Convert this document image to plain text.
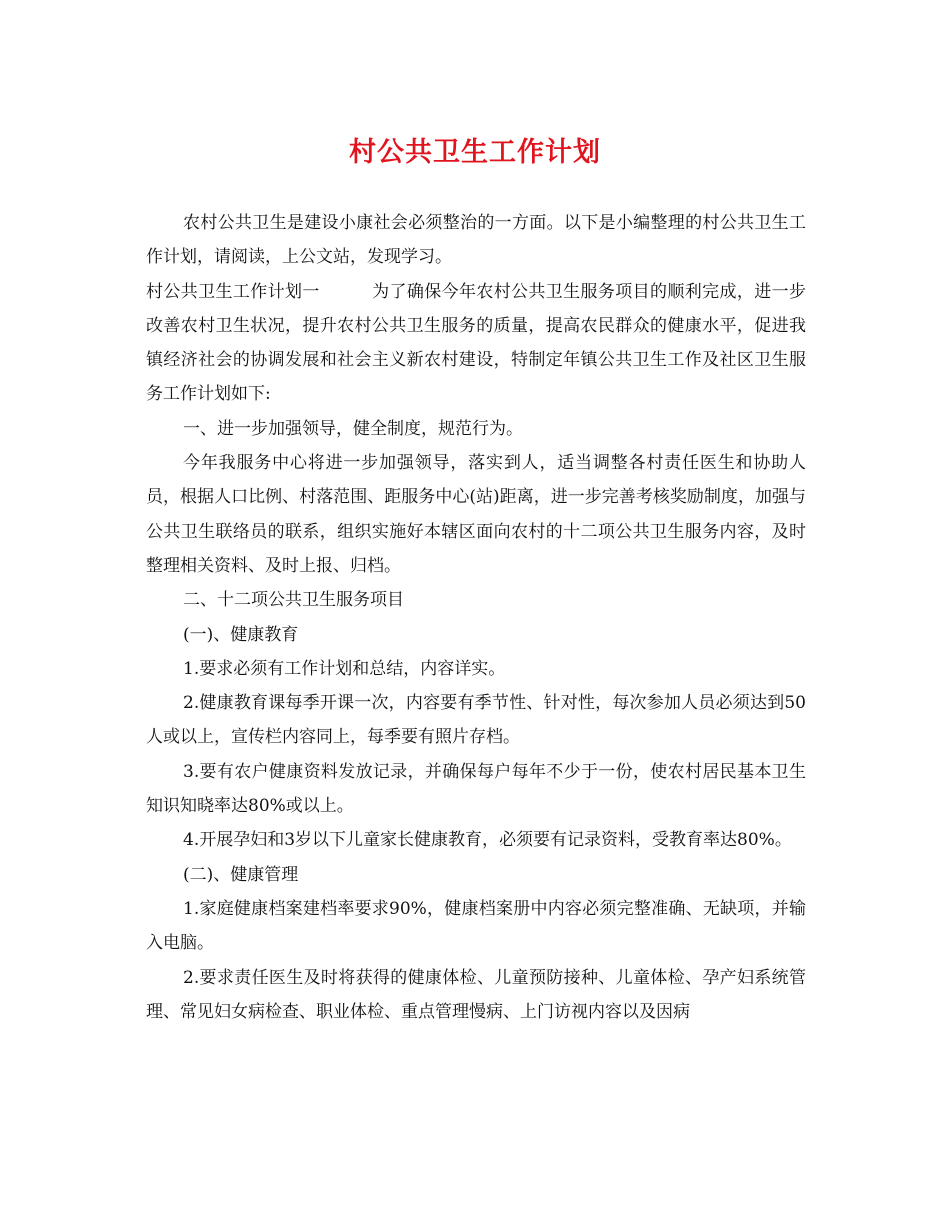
村公共卫生工作计划

农村公共卫生是建设小康社会必须整治的一方面。以下是小编整理的村公共卫生工作计划，请阅读，上公文站，发现学习。

村公共卫生工作计划一	为了确保今年农村公共卫生服务项目的顺利完成，进一步改善农村卫生状况，提升农村公共卫生服务的质量，提高农民群众的健康水平，促进我镇经济社会的协调发展和社会主义新农村建设，特制定年镇公共卫生工作及社区卫生服务工作计划如下:

一、进一步加强领导，健全制度，规范行为。

今年我服务中心将进一步加强领导，落实到人，适当调整各村责任医生和协助人员，根据人口比例、村落范围、距服务中心(站)距离，进一步完善考核奖励制度，加强与公共卫生联络员的联系，组织实施好本辖区面向农村的十二项公共卫生服务内容，及时整理相关资料、及时上报、归档。

二、十二项公共卫生服务项目

(一)、健康教育

1.要求必须有工作计划和总结，内容详实。

2.健康教育课每季开课一次，内容要有季节性、针对性，每次参加人员必须达到50人或以上，宣传栏内容同上，每季要有照片存档。

3.要有农户健康资料发放记录，并确保每户每年不少于一份，使农村居民基本卫生知识知晓率达80%或以上。

4.开展孕妇和3岁以下儿童家长健康教育，必须要有记录资料，受教育率达80%。

(二)、健康管理

1.家庭健康档案建档率要求90%，健康档案册中内容必须完整准确、无缺项，并输入电脑。

2.要求责任医生及时将获得的健康体检、儿童预防接种、儿童体检、孕产妇系统管理、常见妇女病检查、职业体检、重点管理慢病、上门访视内容以及因病
